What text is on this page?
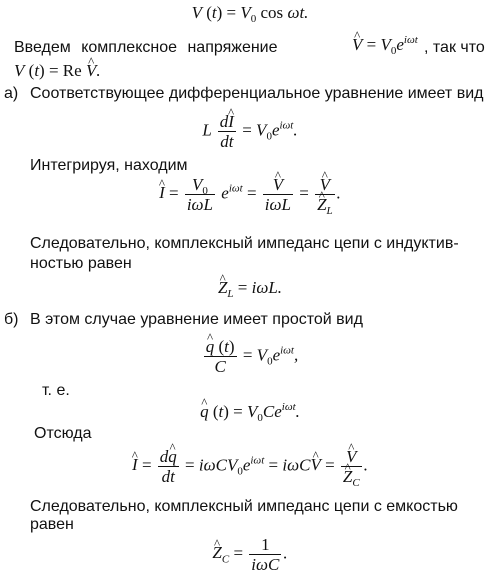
V $(t) = V_0$ cos ωt.
Введем комплексное напряжение	^ $V = V_0e^{i\omega t}$ , так что
V (t) = Re ^ V.
а) Соответствующее дифференциальное уравнение имеет вид
L $\frac{d\^{} I}{dt} = V_0e^{i\omega t}$.
Интегрируя, находим
^ $I = \frac{V_0}{\text{iωL}} e^{i\omega t}$ = ^ $\frac{V}{\text{iωL}}$ = ^ V
^ $Z_L$ .
Следовательно, комплексный импеданс цепи с индуктив-
ностью равен
^ $Z_L = i\omega L$.
б) В этом случае уравнение имеет простой вид
^ $\frac{q (t)}{C} = V_0e^{i\omega t}$,
т. е.
^ q $(t) = V_0Ce^{i\omega t}$.
Отсюда
^ $I = \frac{d\^{} q}{dt} = i\omega CV_0e^{i\omega t}$ = iωC^ V = ^ V
^ $Z_C$ .
Следовательно, комплексный импеданс цепи с емкостью
равен
^ $Z_C = \frac{1}{\text{iωC}}$ .
